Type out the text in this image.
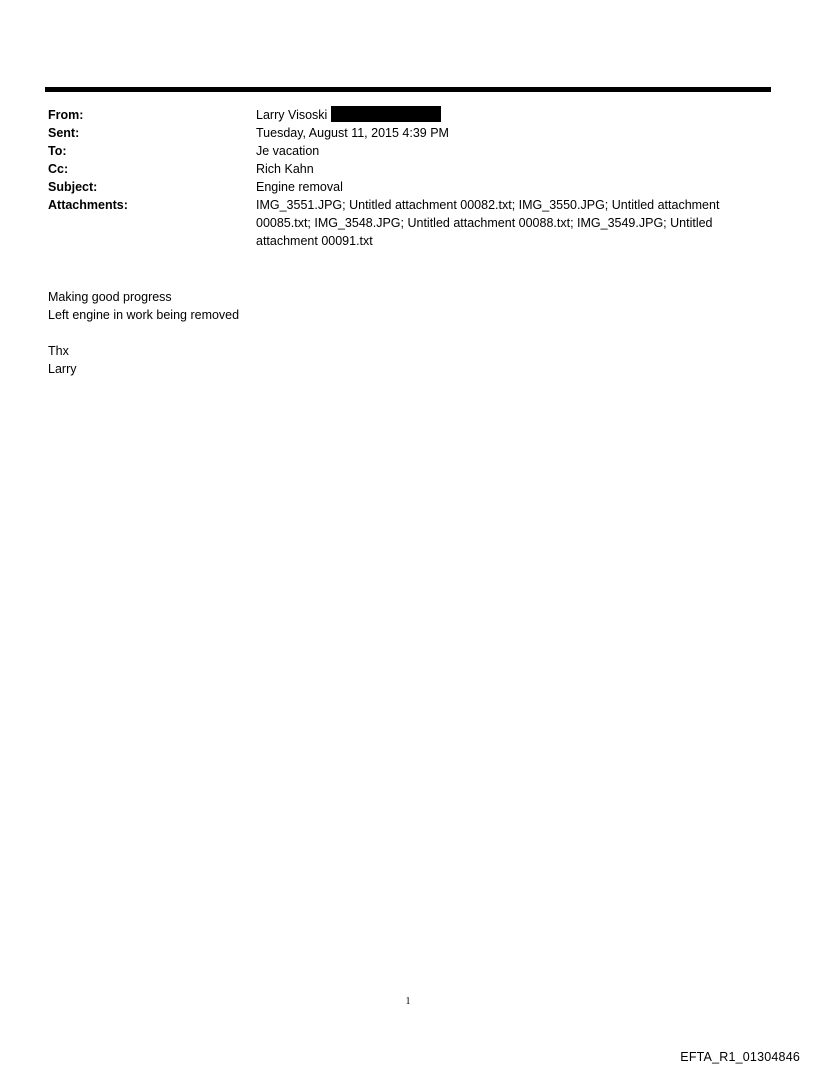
From:	Larry Visoski
Sent:	Tuesday, August 11, 2015 4:39 PM
To:	Je vacation
Cc:	Rich Kahn
Subject:	Engine removal
Attachments:	IMG_3551.JPG; Untitled attachment 00082.txt; IMG_3550.JPG; Untitled attachment 00085.txt; IMG_3548.JPG; Untitled attachment 00088.txt; IMG_3549.JPG; Untitled attachment 00091.txt

Making good progress

Left engine in work being removed

Thx

Larry

1
EFTA_R1_01304846
